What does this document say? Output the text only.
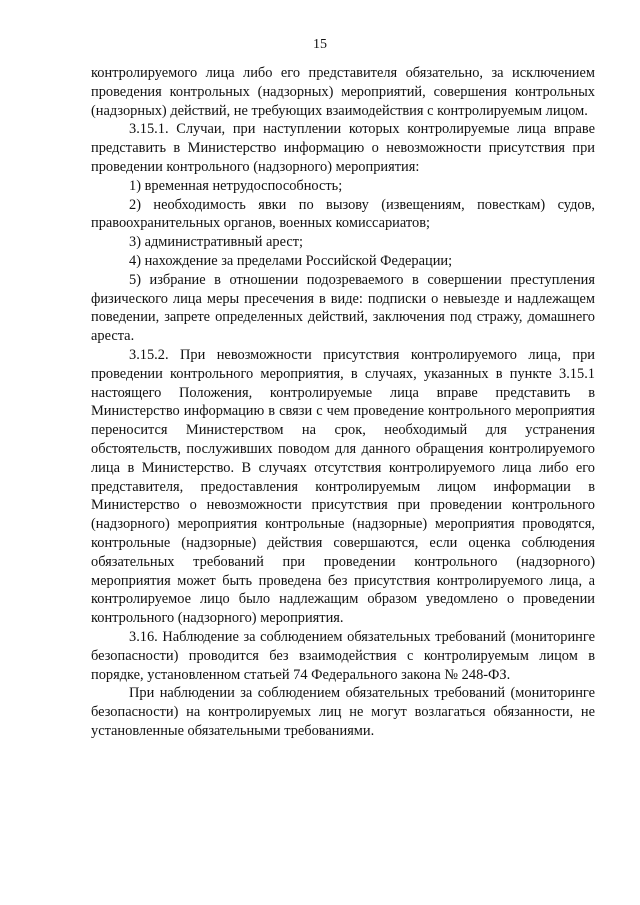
15

контролируемого лица либо его представителя обязательно, за исключением проведения контрольных (надзорных) мероприятий, совершения контрольных (надзорных) действий, не требующих взаимодействия с контролируемым лицом.

3.15.1. Случаи, при наступлении которых контролируемые лица вправе представить в Министерство информацию о невозможности присутствия при проведении контрольного (надзорного) мероприятия:

1) временная нетрудоспособность;

2) необходимость явки по вызову (извещениям, повесткам) судов, правоохранительных органов, военных комиссариатов;

3) административный арест;

4) нахождение за пределами Российской Федерации;

5) избрание в отношении подозреваемого в совершении преступления физического лица меры пресечения в виде: подписки о невыезде и надлежащем поведении, запрете определенных действий, заключения под стражу, домашнего ареста.

3.15.2. При невозможности присутствия контролируемого лица, при проведении контрольного мероприятия, в случаях, указанных в пункте 3.15.1 настоящего Положения, контролируемые лица вправе представить в Министерство информацию в связи с чем проведение контрольного мероприятия переносится Министерством на срок, необходимый для устранения обстоятельств, послуживших поводом для данного обращения контролируемого лица в Министерство. В случаях отсутствия контролируемого лица либо его представителя, предоставления контролируемым лицом информации в Министерство о невозможности присутствия при проведении контрольного (надзорного) мероприятия контрольные (надзорные) мероприятия проводятся, контрольные (надзорные) действия совершаются, если оценка соблюдения обязательных требований при проведении контрольного (надзорного) мероприятия может быть проведена без присутствия контролируемого лица, а контролируемое лицо было надлежащим образом уведомлено о проведении контрольного (надзорного) мероприятия.

3.16. Наблюдение за соблюдением обязательных требований (мониторинге безопасности) проводится без взаимодействия с контролируемым лицом в порядке, установленном статьей 74 Федерального закона № 248-ФЗ.

При наблюдении за соблюдением обязательных требований (мониторинге безопасности) на контролируемых лиц не могут возлагаться обязанности, не установленные обязательными требованиями.
